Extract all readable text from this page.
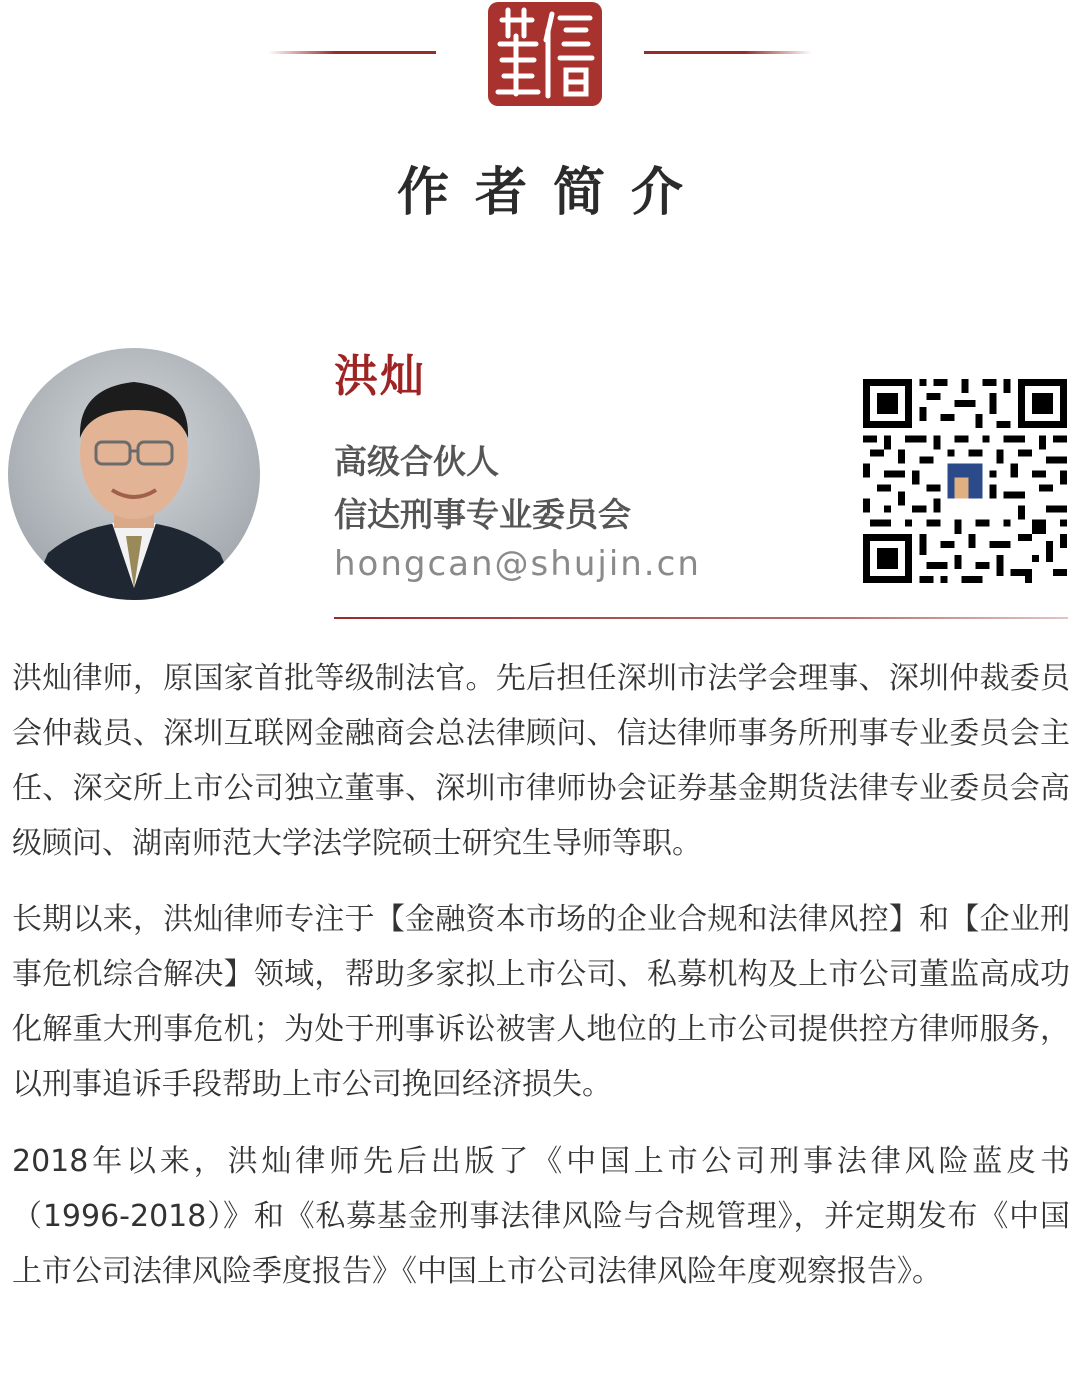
作者简介
洪灿
高级合伙人
信达刑事专业委员会
hongcan@shujin.cn

洪灿律师，原国家首批等级制法官。先后担任深圳市法学会理事、深圳仲裁委员会仲裁员、深圳互联网金融商会总法律顾问、信达律师事务所刑事专业委员会主任、深交所上市公司独立董事、深圳市律师协会证券基金期货法律专业委员会高级顾问、湖南师范大学法学院硕士研究生导师等职。

长期以来，洪灿律师专注于【金融资本市场的企业合规和法律风控】和【企业刑事危机综合解决】领域，帮助多家拟上市公司、私募机构及上市公司董监高成功化解重大刑事危机；为处于刑事诉讼被害人地位的上市公司提供控方律师服务，以刑事追诉手段帮助上市公司挽回经济损失。

2018年以来，洪灿律师先后出版了《中国上市公司刑事法律风险蓝皮书（1996-2018）》和《私募基金刑事法律风险与合规管理》，并定期发布《中国上市公司法律风险季度报告》《中国上市公司法律风险年度观察报告》。
